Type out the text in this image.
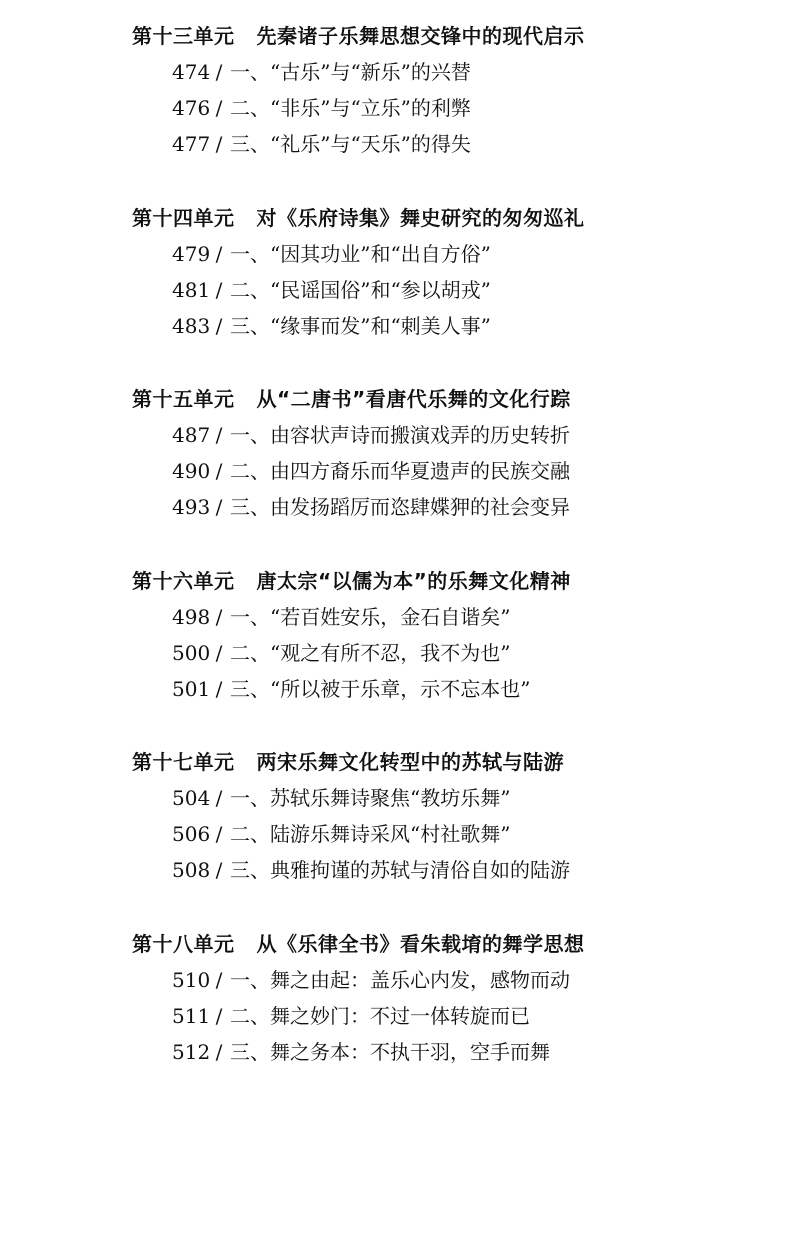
第十三单元 先秦诸子乐舞思想交锋中的现代启示
474 / 一、“古乐”与“新乐”的兴替
476 / 二、“非乐”与“立乐”的利弊
477 / 三、“礼乐”与“天乐”的得失
第十四单元 对《乐府诗集》舞史研究的匆匆巡礼
479 / 一、“因其功业”和“出自方俗”
481 / 二、“民谣国俗”和“参以胡戎”
483 / 三、“缘事而发”和“刺美人事”
第十五单元 从“二唐书”看唐代乐舞的文化行踪
487 / 一、由容状声诗而搬演戏弄的历史转折
490 / 二、由四方裔乐而华夏遗声的民族交融
493 / 三、由发扬蹈厉而恣肆媟狎的社会变异
第十六单元 唐太宗“以儒为本”的乐舞文化精神
498 / 一、“若百姓安乐，金石自谐矣”
500 / 二、“观之有所不忍，我不为也”
501 / 三、“所以被于乐章，示不忘本也”
第十七单元 两宋乐舞文化转型中的苏轼与陆游
504 / 一、苏轼乐舞诗聚焦“教坊乐舞”
506 / 二、陆游乐舞诗采风“村社歌舞”
508 / 三、典雅拘谨的苏轼与清俗自如的陆游
第十八单元 从《乐律全书》看朱载堉的舞学思想
510 / 一、舞之由起：盖乐心内发，感物而动
511 / 二、舞之妙门：不过一体转旋而已
512 / 三、舞之务本：不执干羽，空手而舞
